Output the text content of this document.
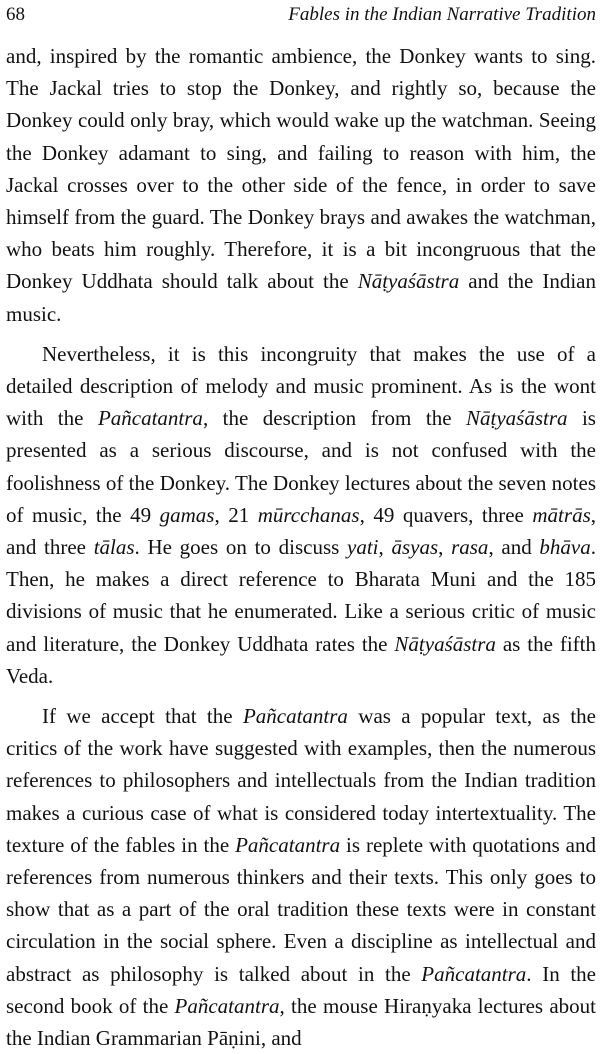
68	Fables in the Indian Narrative Tradition

and, inspired by the romantic ambience, the Donkey wants to sing. The Jackal tries to stop the Donkey, and rightly so, because the Donkey could only bray, which would wake up the watchman. Seeing the Donkey adamant to sing, and failing to reason with him, the Jackal crosses over to the other side of the fence, in order to save himself from the guard. The Donkey brays and awakes the watchman, who beats him roughly. Therefore, it is a bit incongruous that the Donkey Uddhata should talk about the Nāṭyaśāstra and the Indian music.

Nevertheless, it is this incongruity that makes the use of a detailed description of melody and music prominent. As is the wont with the Pañcatantra, the description from the Nāṭyaśāstra is presented as a serious discourse, and is not confused with the foolishness of the Donkey. The Donkey lectures about the seven notes of music, the 49 gamas, 21 mūrcchanas, 49 quavers, three mātrās, and three tālas. He goes on to discuss yati, āsyas, rasa, and bhāva. Then, he makes a direct reference to Bharata Muni and the 185 divisions of music that he enumerated. Like a serious critic of music and literature, the Donkey Uddhata rates the Nāṭyaśāstra as the fifth Veda.

If we accept that the Pañcatantra was a popular text, as the critics of the work have suggested with examples, then the numerous references to philosophers and intellectuals from the Indian tradition makes a curious case of what is considered today intertextuality. The texture of the fables in the Pañcatantra is replete with quotations and references from numerous thinkers and their texts. This only goes to show that as a part of the oral tradition these texts were in constant circulation in the social sphere. Even a discipline as intellectual and abstract as philosophy is talked about in the Pañcatantra. In the second book of the Pañcatantra, the mouse Hiraṇyaka lectures about the Indian Grammarian Pāṇini, and
